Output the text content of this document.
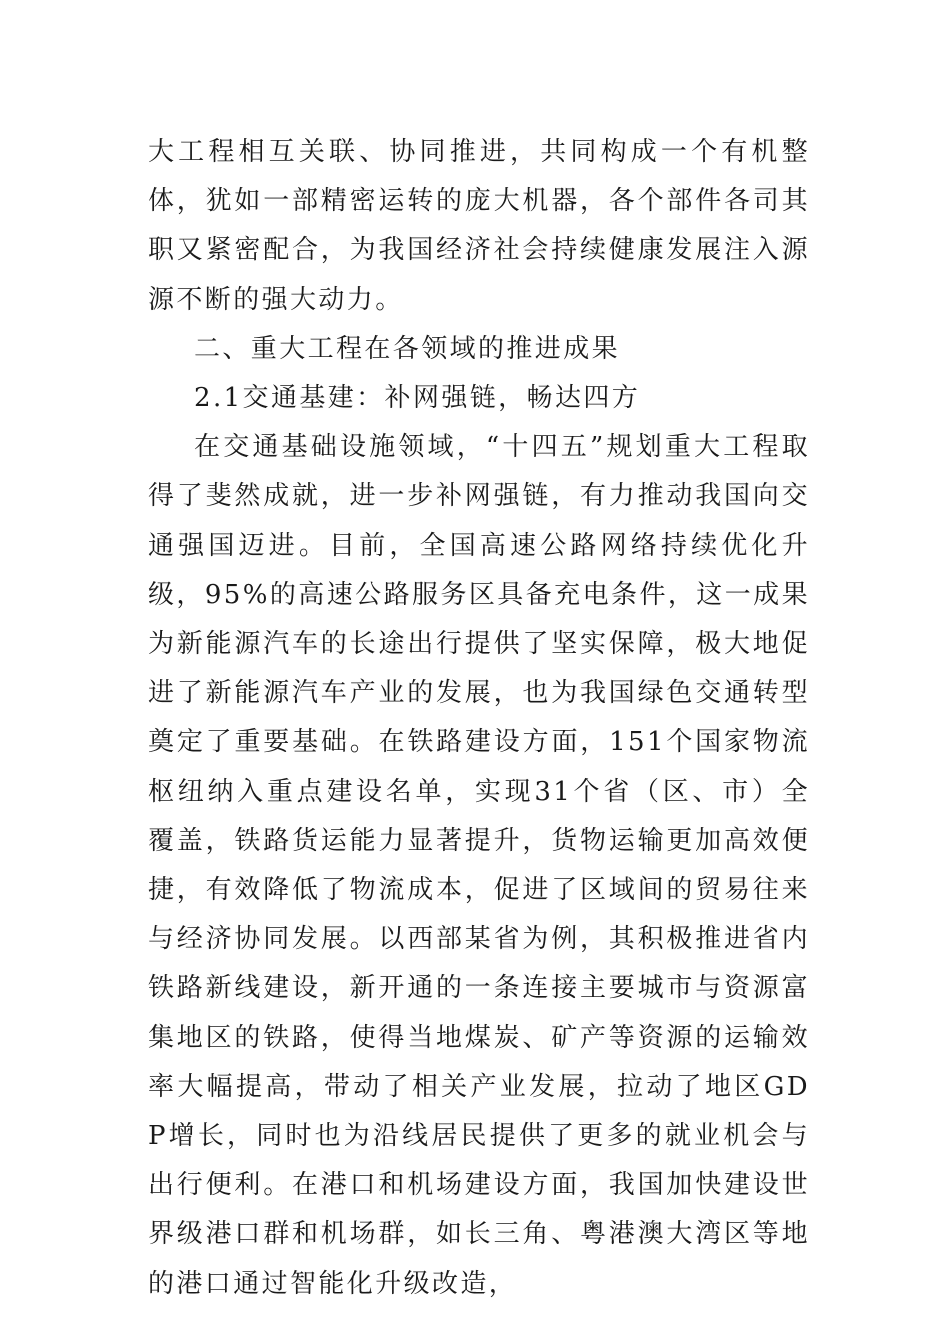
大工程相互关联、协同推进，共同构成一个有机整体，犹如一部精密运转的庞大机器，各个部件各司其职又紧密配合，为我国经济社会持续健康发展注入源源不断的强大动力。

二、重大工程在各领域的推进成果
2.1交通基建：补网强链，畅达四方

在交通基础设施领域，“十四五”规划重大工程取得了斐然成就，进一步补网强链，有力推动我国向交通强国迈进。目前，全国高速公路网络持续优化升级，95%的高速公路服务区具备充电条件，这一成果为新能源汽车的长途出行提供了坚实保障，极大地促进了新能源汽车产业的发展，也为我国绿色交通转型奠定了重要基础。在铁路建设方面，151个国家物流枢纽纳入重点建设名单，实现31个省（区、市）全覆盖，铁路货运能力显著提升，货物运输更加高效便捷，有效降低了物流成本，促进了区域间的贸易往来与经济协同发展。以西部某省为例，其积极推进省内铁路新线建设，新开通的一条连接主要城市与资源富集地区的铁路，使得当地煤炭、矿产等资源的运输效率大幅提高，带动了相关产业发展，拉动了地区GDP增长，同时也为沿线居民提供了更多的就业机会与出行便利。在港口和机场建设方面，我国加快建设世界级港口群和机场群，如长三角、粤港澳大湾区等地的港口通过智能化升级改造，
